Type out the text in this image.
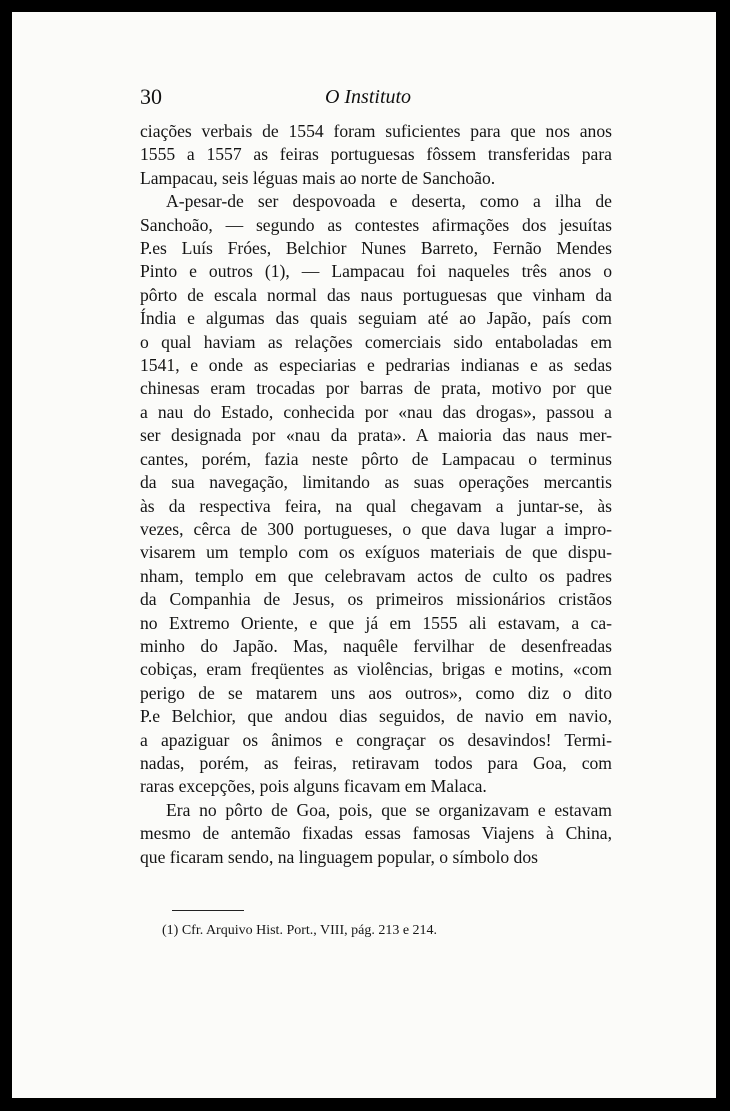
30	O Instituto

ciações verbais de 1554 foram suficientes para que nos anos
1555 a 1557 as feiras portuguesas fôssem transferidas para
Lampacau, seis léguas mais ao norte de Sanchoão.

A-pesar-de ser despovoada e deserta, como a ilha de
Sanchoão, — segundo as contestes afirmações dos jesuítas
P.es Luís Fróes, Belchior Nunes Barreto, Fernão Mendes
Pinto e outros (1), — Lampacau foi naqueles três anos o
pôrto de escala normal das naus portuguesas que vinham da
Índia e algumas das quais seguiam até ao Japão, país com
o qual haviam as relações comerciais sido entaboladas em
1541, e onde as especiarias e pedrarias indianas e as sedas
chinesas eram trocadas por barras de prata, motivo por que
a nau do Estado, conhecida por «nau das drogas», passou a
ser designada por «nau da prata». A maioria das naus mer-
cantes, porém, fazia neste pôrto de Lampacau o terminus
da sua navegação, limitando as suas operações mercantis
às da respectiva feira, na qual chegavam a juntar-se, às
vezes, cêrca de 300 portugueses, o que dava lugar a impro-
visarem um templo com os exíguos materiais de que dispu-
nham, templo em que celebravam actos de culto os padres
da Companhia de Jesus, os primeiros missionários cristãos
no Extremo Oriente, e que já em 1555 ali estavam, a ca-
minho do Japão. Mas, naquêle fervilhar de desenfreadas
cobiças, eram freqüentes as violências, brigas e motins, «com
perigo de se matarem uns aos outros», como diz o dito
P.e Belchior, que andou dias seguidos, de navio em navio,
a apaziguar os ânimos e congraçar os desavindos! Termi-
nadas, porém, as feiras, retiravam todos para Goa, com
raras excepções, pois alguns ficavam em Malaca.

Era no pôrto de Goa, pois, que se organizavam e estavam
mesmo de antemão fixadas essas famosas Viajens à China,
que ficaram sendo, na linguagem popular, o símbolo dos

(1) Cfr. Arquivo Hist. Port., VIII, pág. 213 e 214.
